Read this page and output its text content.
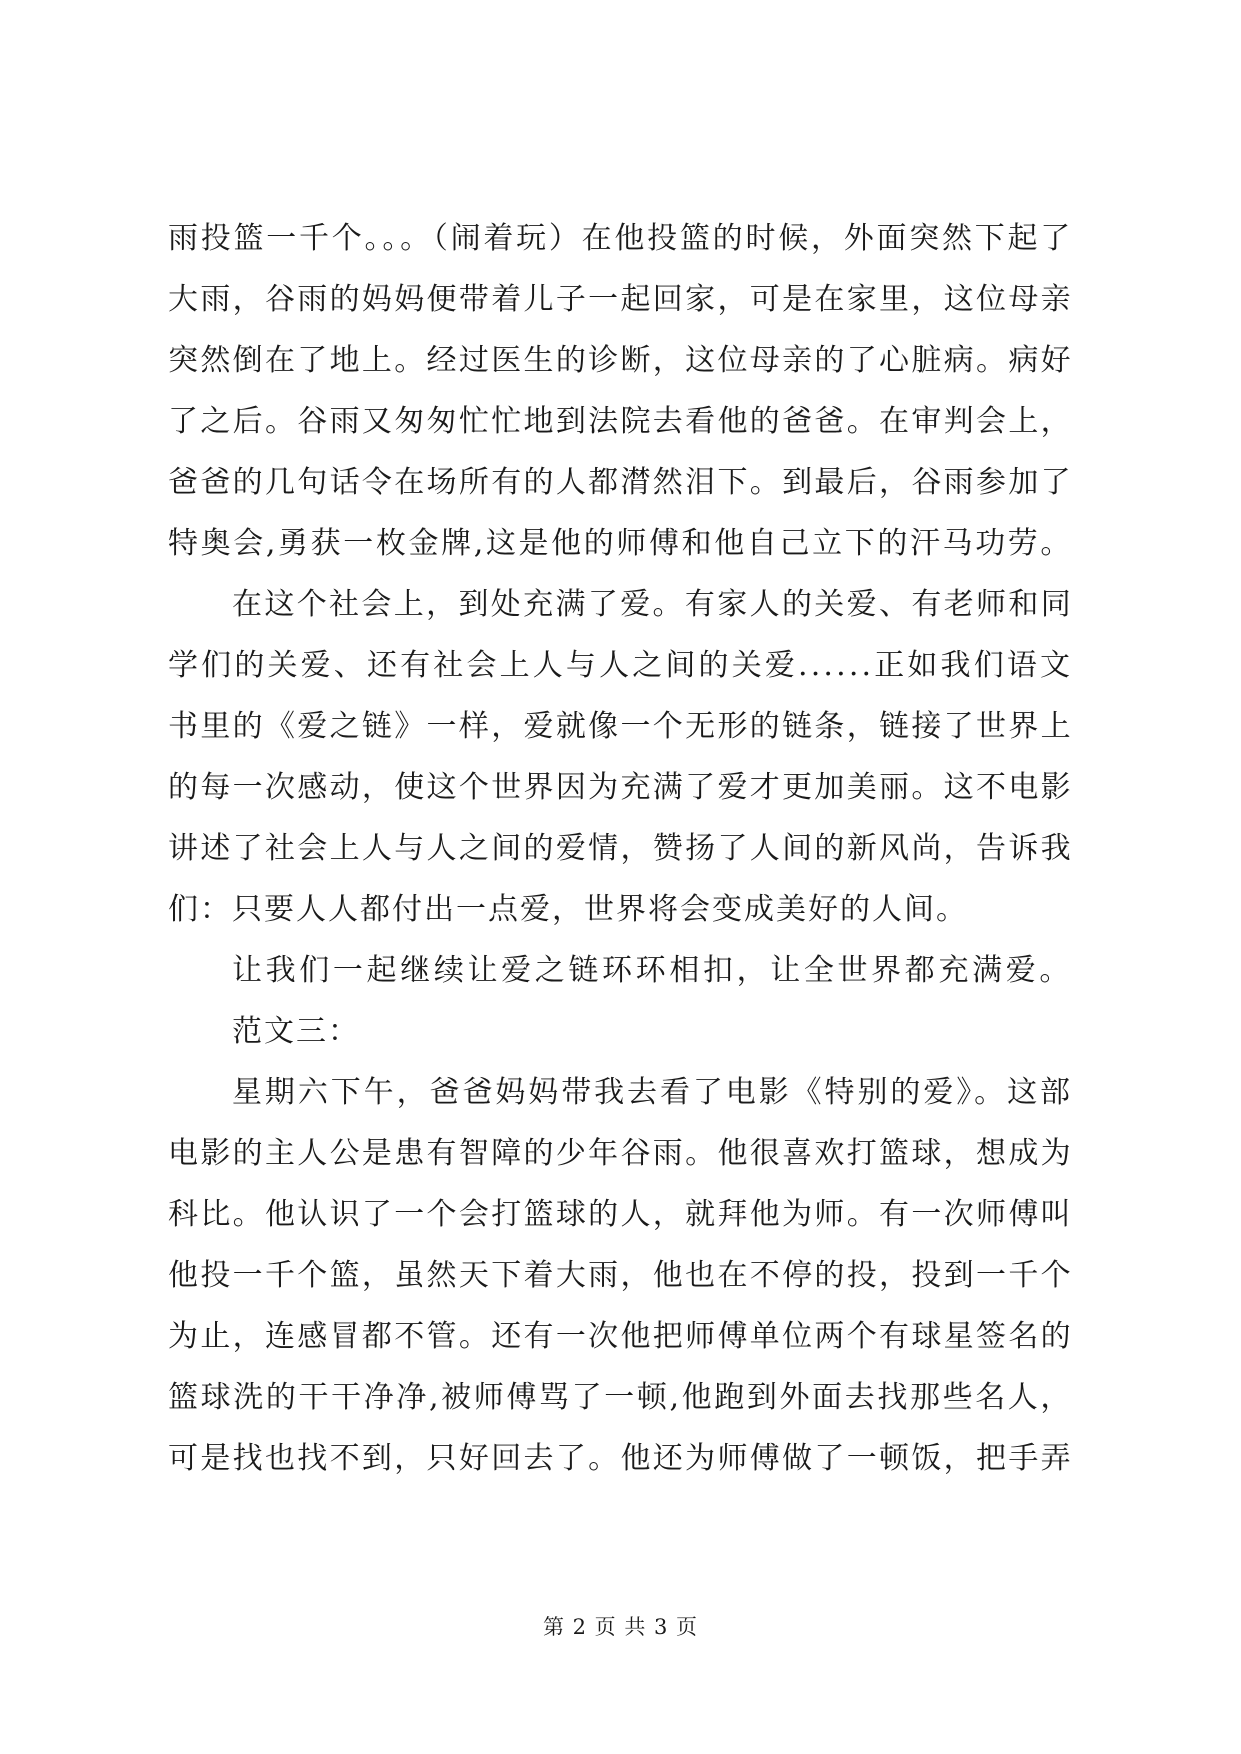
雨投篮一千个。。。（闹着玩）在他投篮的时候，外面突然下起了
大雨，谷雨的妈妈便带着儿子一起回家，可是在家里，这位母亲
突然倒在了地上。经过医生的诊断，这位母亲的了心脏病。病好
了之后。谷雨又匆匆忙忙地到法院去看他的爸爸。在审判会上，
爸爸的几句话令在场所有的人都潸然泪下。到最后，谷雨参加了
特奥会,勇获一枚金牌,这是他的师傅和他自己立下的汗马功劳。
在这个社会上，到处充满了爱。有家人的关爱、有老师和同
学们的关爱、还有社会上人与人之间的关爱......正如我们语文
书里的《爱之链》一样，爱就像一个无形的链条，链接了世界上
的每一次感动，使这个世界因为充满了爱才更加美丽。这不电影
讲述了社会上人与人之间的爱情，赞扬了人间的新风尚，告诉我
们：只要人人都付出一点爱，世界将会变成美好的人间。
让我们一起继续让爱之链环环相扣，让全世界都充满爱。
范文三：
星期六下午，爸爸妈妈带我去看了电影《特别的爱》。这部
电影的主人公是患有智障的少年谷雨。他很喜欢打篮球，想成为
科比。他认识了一个会打篮球的人，就拜他为师。有一次师傅叫
他投一千个篮，虽然天下着大雨，他也在不停的投，投到一千个
为止，连感冒都不管。还有一次他把师傅单位两个有球星签名的
篮球洗的干干净净,被师傅骂了一顿,他跑到外面去找那些名人，
可是找也找不到，只好回去了。他还为师傅做了一顿饭，把手弄
第 2 页 共 3 页
